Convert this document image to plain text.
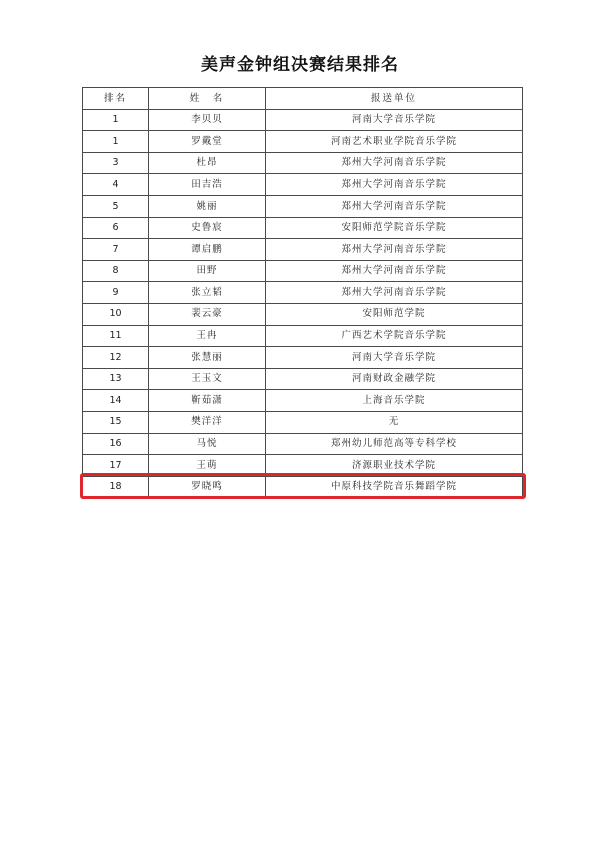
美声金钟组决赛结果排名
排名	姓　名	报送单位
1	李贝贝	河南大学音乐学院
1	罗戴堂	河南艺术职业学院音乐学院
3	杜昂	郑州大学河南音乐学院
4	田吉浩	郑州大学河南音乐学院
5	姚丽	郑州大学河南音乐学院
6	史鲁宸	安阳师范学院音乐学院
7	谭启鹏	郑州大学河南音乐学院
8	田野	郑州大学河南音乐学院
9	张立韬	郑州大学河南音乐学院
10	裴云豪	安阳师范学院
11	王冉	广西艺术学院音乐学院
12	张慧丽	河南大学音乐学院
13	王玉文	河南财政金融学院
14	靳茹潇	上海音乐学院
15	樊洋洋	无
16	马悦	郑州幼儿师范高等专科学校
17	王萌	济源职业技术学院
18	罗晓鸣	中原科技学院音乐舞蹈学院
